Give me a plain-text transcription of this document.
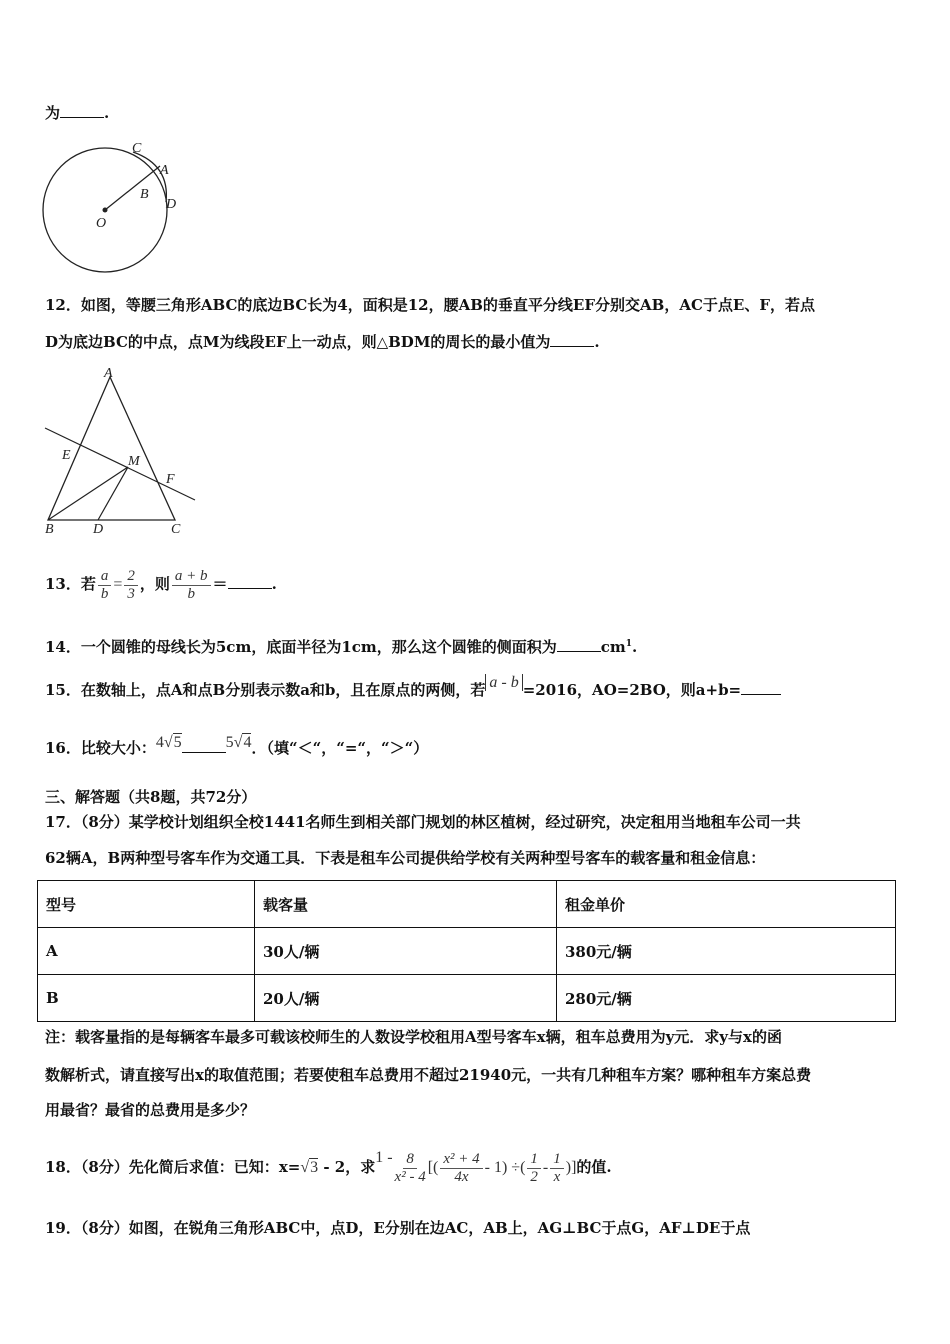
为	.
C
A
B
D
O
12．如图，等腰三角形ABC的底边BC长为4，面积是12，腰AB的垂直平分线EF分别交AB，AC于点E、F，若点
D为底边BC的中点，点M为线段EF上一动点，则△BDM的周长的最小值为	.
A
E	M
F
B	D	C
13．若 $\frac{a}{b} = \frac{2}{3}$ ，则 $\frac{a + b}{b}$ ＝	.
14．一个圆锥的母线长为5cm，底面半径为1cm，那么这个圆锥的侧面积为	$cm^1$.
15．在数轴上，点A和点B分别表示数a和b，且在原点的两侧，若 a - b =2016，AO=2BO，则a+b=
16．比较大小：4√5	5√4．（填“＜“，“=“，“＞“）
三、解答题（共8题，共72分）
17．（8分）某学校计划组织全校1441名师生到相关部门规划的林区植树，经过研究，决定租用当地租车公司一共
62辆A，B两种型号客车作为交通工具．下表是租车公司提供给学校有关两种型号客车的载客量和租金信息：
型号	载客量	租金单价
A	30人/辆	380元/辆
B	20人/辆	280元/辆
注：载客量指的是每辆客车最多可载该校师生的人数设学校租用A型号客车x辆，租车总费用为y元．求y与x的函
数解析式，请直接写出x的取值范围；若要使租车总费用不超过21940元，一共有几种租车方案？哪种租车方案总费
用最省？最省的总费用是多少？
18．（8分）先化简后求值：已知：x=√3 - 2，求$1 - \frac{8}{\text{x² - 4}}$ [( $\frac{\text{x² + 4}}{4x} - 1$) ÷( $\frac{1}{2} - \frac{1}{x}$ )]的值.
19．（8分）如图，在锐角三角形ABC中，点D，E分别在边AC，AB上，AG⊥BC于点G，AF⊥DE于点
